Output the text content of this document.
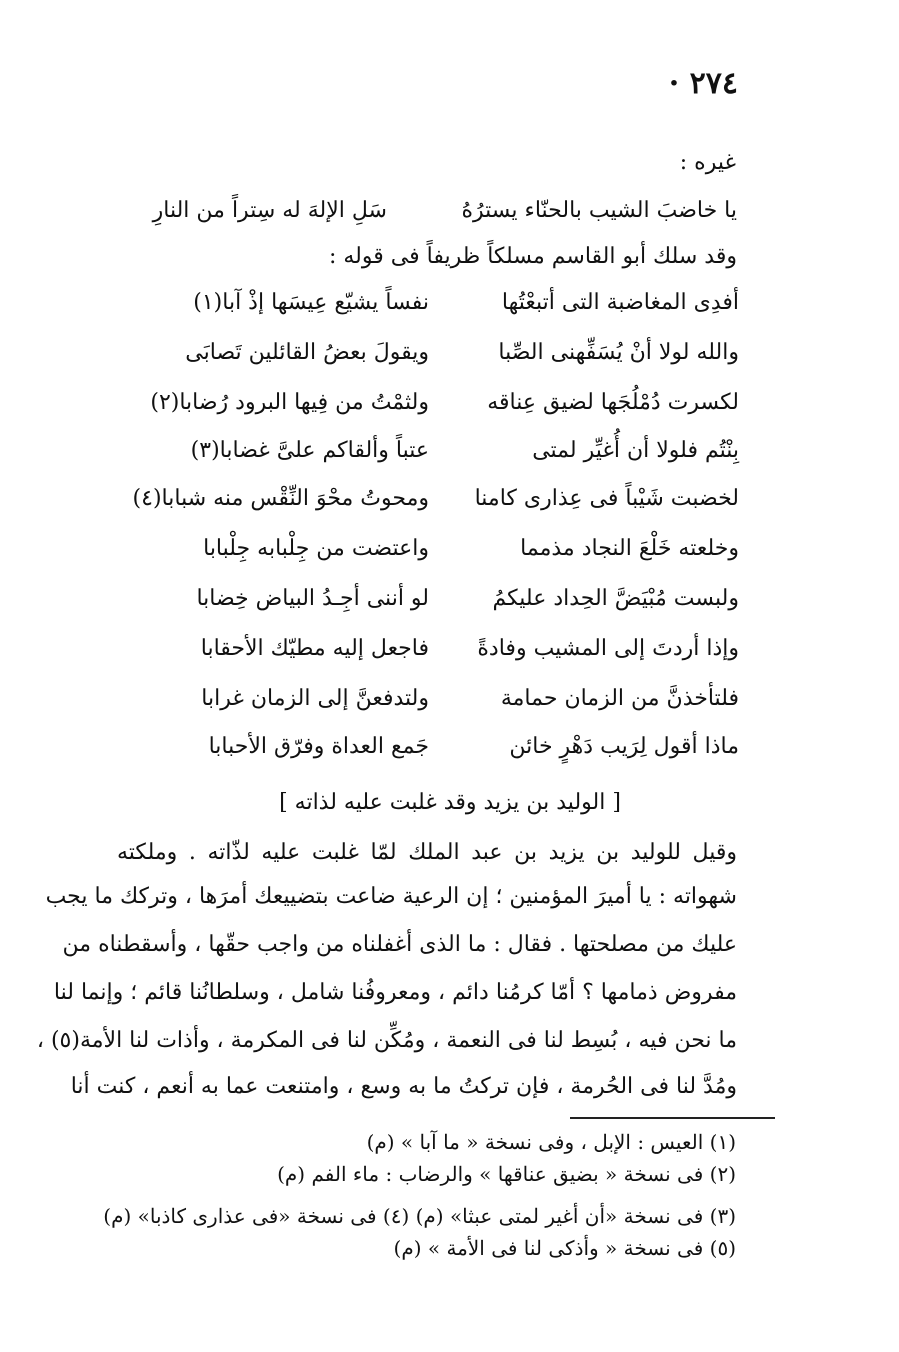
٢٧٤ ·
غيره :
يا خاضبَ الشيب بالحنّاء يسترُهُ
سَلِ الإلهَ له سِتراً من النارِ
وقد سلك أبو القاسم مسلكاً ظريفاً فى قوله :
أفدِى المغاضبة التى أتبعْتُها
نفساً يشيّع عِيسَها إذْ آبا(١)
والله لولا أنْ يُسَفِّهنى الصِّبا
ويقولَ بعضُ القائلين تَصابَى
لكسرت دُمْلُجَها لضيق عِناقه
ولثمْتُ من فِيها البرود رُضابا(٢)
بِنْتُم فلولا أن أُغيِّر لمتى
عتباً وألقاكم علىَّ غضابا(٣)
لخضبت شَيْباً فى عِذارى كامنا
ومحوتُ محْوَ النِّقْس منه شبابا(٤)
وخلعته خَلْعَ النجاد مذمما
واعتضت من جِلْبابه جِلْبابا
ولبست مُبْيَضَّ الحِداد عليكمُ
لو أننى أجِـدُ البياض خِضابا
وإذا أردتَ إلى المشيب وفادةً
فاجعل إليه مطيّك الأحقابا
فلتأخذنَّ من الزمان حمامة
ولتدفعنَّ إلى الزمان غرابا
ماذا أقول لِرَيب دَهْرٍ خائن
جَمع العداة وفرّق الأحبابا
[ الوليد بن يزيد وقد غلبت عليه لذاته ]
وقيل للوليد بن يزيد بن عبد الملك لمّا غلبت عليه لذّاته . وملكته
شهواته : يا أميرَ المؤمنين ؛ إن الرعية ضاعت بتضييعك أمرَها ، وتركك ما يجب
عليك من مصلحتها . فقال : ما الذى أغفلناه من واجب حقّها ، وأسقطناه من
مفروض ذمامها ؟ أمّا كرمُنا دائم ، ومعروفُنا شامل ، وسلطانُنا قائم ؛ وإنما لنا
ما نحن فيه ، بُسِط لنا فى النعمة ، ومُكِّن لنا فى المكرمة ، وأذات لنا الأمة(٥) ،
ومُدَّ لنا فى الحُرمة ، فإن تركتُ ما به وسع ، وامتنعت عما به أنعم ، كنت أنا
(١) العيس : الإبل ، وفى نسخة « ما آبا » (م)
(٢) فى نسخة « بضيق عناقها » والرضاب : ماء الفم (م)
(٣) فى نسخة «أن أغير لمتى عبثا» (م) (٤) فى نسخة «فى عذارى كاذبا» (م)
(٥) فى نسخة « وأذكى لنا فى الأمة » (م)
